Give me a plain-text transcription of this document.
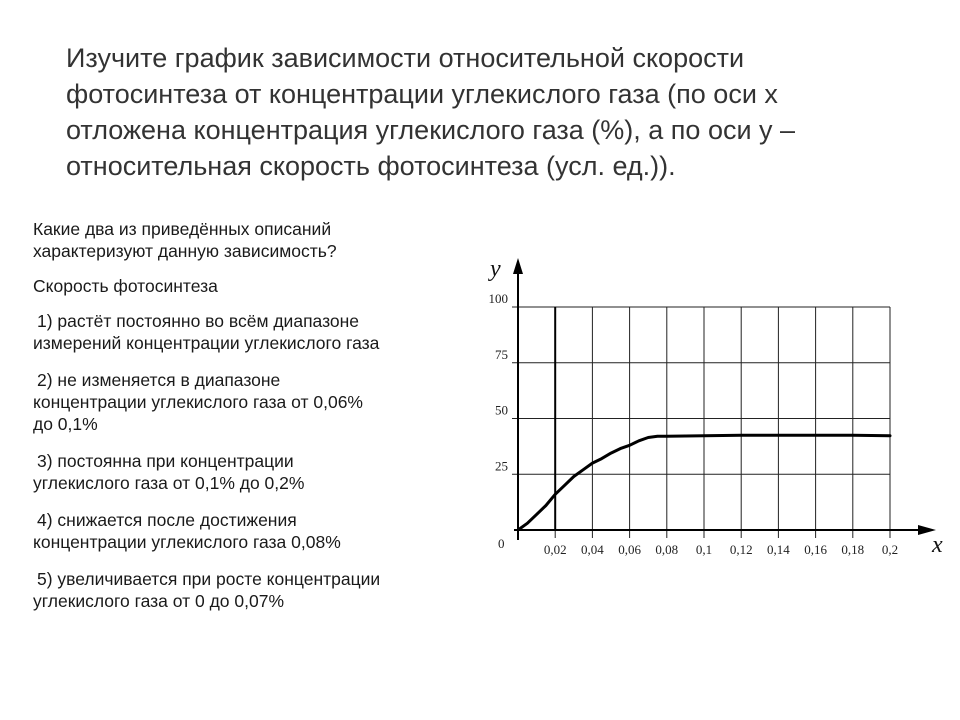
Изучите график зависимости относительной скорости
фотосинтеза от концентрации углекислого газа (по оси x
отложена концентрация углекислого газа (%), а по оси y –
относительная скорость фотосинтеза (усл. ед.)).

Какие два из приведённых описаний
характеризуют данную зависимость?

Скорость фотосинтеза

1) растёт постоянно во всём диапазоне
измерений концентрации углекислого газа

2) не изменяется в диапазоне
концентрации углекислого газа от 0,06%
до 0,1%

3) постоянна при концентрации
углекислого газа от 0,1% до 0,2%

4) снижается после достижения
концентрации углекислого газа 0,08%

5) увеличивается при росте концентрации
углекислого газа от 0 до 0,07%

y
x
0	0,02 0,04 0,06 0,08 0,1 0,12 0,14 0,16 0,18 0,2
25
50
75
100
